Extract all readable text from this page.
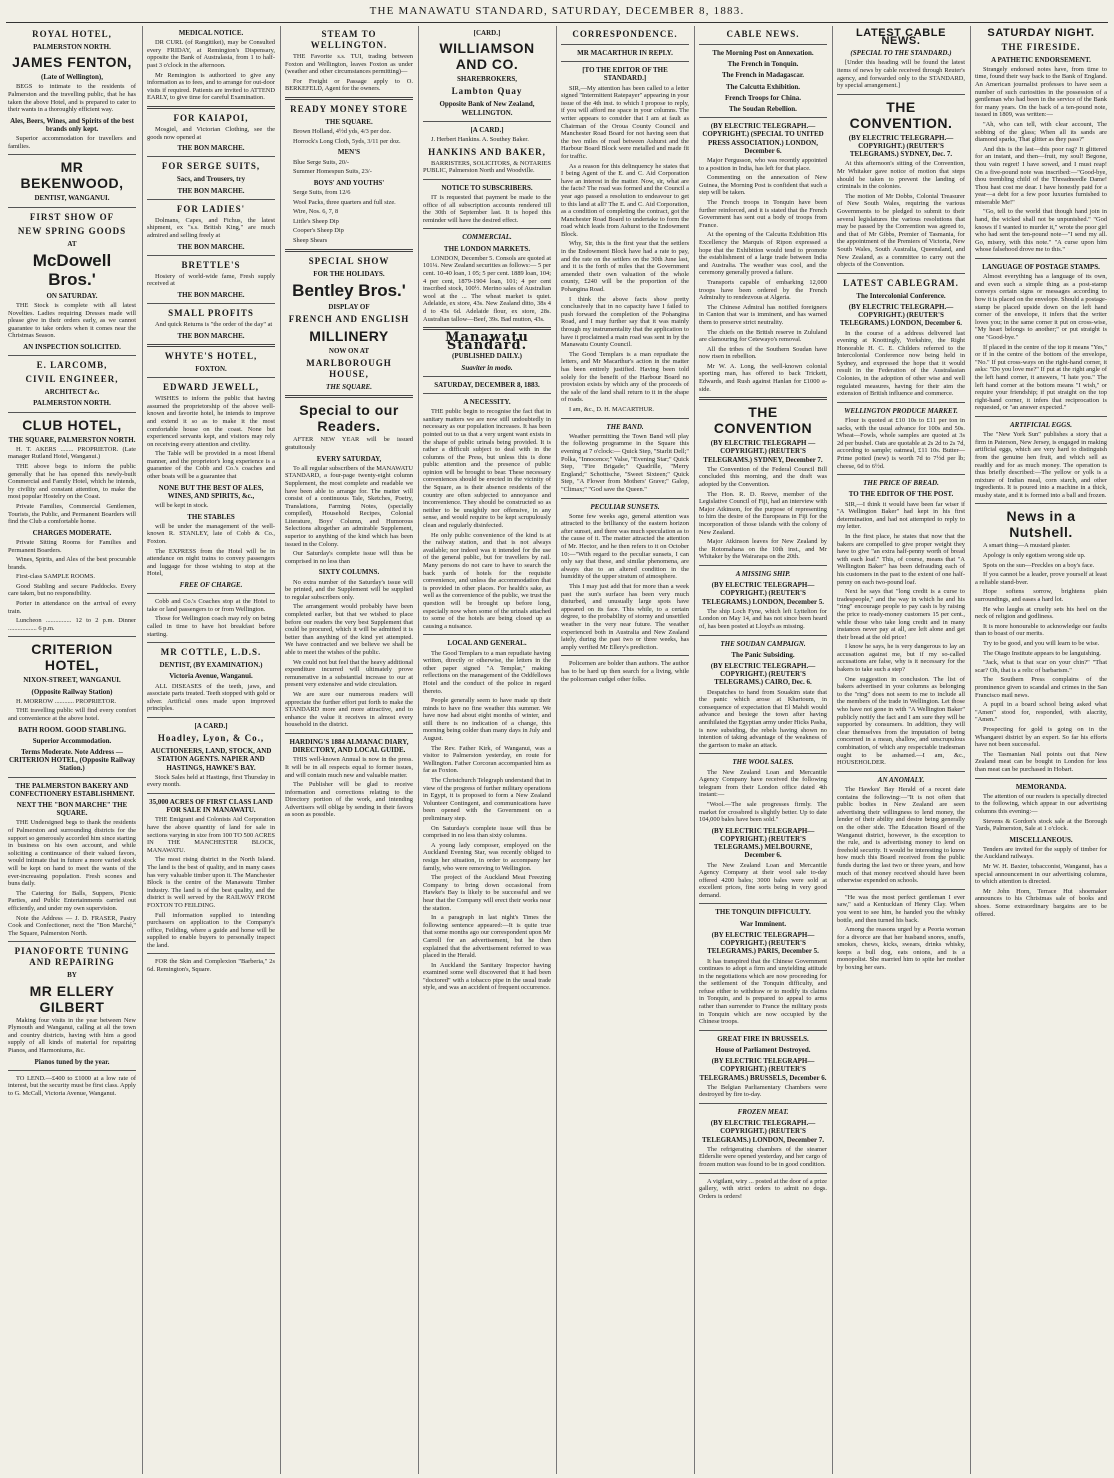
THE MANAWATU STANDARD, SATURDAY, DECEMBER 8, 1883.
ROYAL HOTEL,
PALMERSTON NORTH.
JAMES FENTON,
(Late of Wellington),

BEGS to intimate to the residents of Palmerston and the travelling public, that he has taken the above Hotel, and is prepared to cater to their wants in a thoroughly efficient way.

Ales, Beers, Wines, and Spirits of the best brands only kept.

Superior accommodation for travellers and families.

MR BEKENWOOD,
DENTIST, WANGANUI.
FIRST SHOW OF
NEW SPRING GOODS
AT
McDowell Bros.'
ON SATURDAY.

THE Stock is complete with all latest Novelties. Ladies requiring Dresses made will please give in their orders early, as we cannot guarantee to take orders when it comes near the Christmas Season.

AN INSPECTION SOLICITED.
E. LARCOMB,
CIVIL ENGINEER,
ARCHITECT &c.
PALMERSTON NORTH.
CLUB HOTEL,
THE SQUARE, PALMERSTON NORTH.

H. T. AKERS ........ PROPRIETOR. (Late manager Rutland Hotel, Wanganui.)

THE above begs to inform the public generally that he has opened this newly-built Commercial and Family Hotel, which he intends, by civility and constant attention, to make the most popular Hostelry on the Coast.

Private Families, Commercial Gentlemen, Tourists, the Public, and Permanent Boarders will find the Club a comfortable home.

CHARGES MODERATE.

Private Sitting Rooms for Families and Permanent Boarders.

Wines, Spirits, and Ales of the best procurable brands.

First-class SAMPLE ROOMS.

Good Stabling and secure Paddocks. Every care taken, but no responsibility.

Porter in attendance on the arrival of every train.

Luncheon ................ 12 to 2 p.m. Dinner .................. 6 p.m.

CRITERION HOTEL,
NIXON-STREET, WANGANUI.
(Opposite Railway Station)

H. MORROW ............ PROPRIETOR.

THE travelling public will find every comfort and convenience at the above hotel.

BATH ROOM. GOOD STABLING.
Superior Accommodation.
Terms Moderate. Note Address — CRITERION HOTEL, (Opposite Railway Station.)
THE PALMERSTON BAKERY AND CONFECTIONERY ESTABLISHMENT.
NEXT THE "BON MARCHE" THE SQUARE.

THE Undersigned begs to thank the residents of Palmerston and surrounding districts for the support so generously accorded him since starting in business on his own account, and while soliciting a continuance of their valued favors, would intimate that in future a more varied stock will be kept on hand to meet the wants of the ever-increasing population. Fresh scones and buns daily.

The Catering for Balls, Suppers, Picnic Parties, and Public Entertainments carried out efficiently, and under my own supervision.

Note the Address — J. D. FRASER, Pastry Cook and Confectioner, next the "Bon Marché," The Square, Palmerston North.

PIANOFORTE TUNING AND REPAIRING
BY
MR ELLERY GILBERT

Making four visits in the year between New Plymouth and Wanganui, calling at all the town and country districts, having with him a good supply of all kinds of material for repairing Pianos, and Harmoniums, &c.

Pianos tuned by the year.

TO LEND.—£400 to £1000 at a low rate of interest, but the security must be first class. Apply to G. McCall, Victoria Avenue, Wanganui.

MEDICAL NOTICE.

DR CURL (of Rangitikei), may be Consulted every FRIDAY, at Remington's Dispensary, opposite the Bank of Australasia, from 1 to half-past 3 o'clock in the afternoon.

Mr Remington is authorized to give any information as to fees, and to arrange for out-door visits if required. Patients are invited to ATTEND EARLY, to give time for careful Examination.

FOR KAIAPOI,

Mosgiel, and Victorian Clothing, see the goods now opened at

THE BON MARCHE.
FOR SERGE SUITS,
Sacs, and Trousers, try
THE BON MARCHE.
FOR LADIES'

Dolmans, Capes, and Fichus, the latest shipment, ex "s.s. British King," are much admired and selling freely at

THE BON MARCHE.
BRETTLE'S

Hosiery of world-wide fame, Fresh supply received at

THE BON MARCHE.
SMALL PROFITS

And quick Returns is "the order of the day" at

THE BON MARCHE.
WHYTE'S HOTEL,
FOXTON.
EDWARD JEWELL,

WISHES to inform the public that having assumed the proprietorship of the above well-known and favorite hotel, he intends to improve and extend it so as to make it the most comfortable house on the coast. None but experienced servants kept, and visitors may rely on receiving every attention and civility.

The Table will be provided in a most liberal manner, and the proprietor's long experience is a guarantee of the Cobb and Co.'s coaches and other boats will be a guarantee that

NONE BUT THE BEST OF ALES, WINES, AND SPIRITS, &c.,

will be kept in stock.

THE STABLES

will be under the management of the well-known R. STANLEY, late of Cobb & Co., Foxton.

The EXPRESS from the Hotel will be in attendance on night trains to convey passengers and luggage for those wishing to stop at the Hotel,

FREE OF CHARGE.

Cobb and Co.'s Coaches stop at the Hotel to take or land passengers to or from Wellington.

Those for Wellington coach may rely on being called in time to have hot breakfast before starting.

MR COTTLE, L.D.S.
DENTIST, (BY EXAMINATION.)
Victoria Avenue, Wanganui.

ALL DISEASES of the teeth, jaws, and associate parts treated. Teeth stopped with gold or silver. Artificial ones made upon improved principles.

[A CARD.]
Hoadley, Lyon, & Co.,
AUCTIONEERS, LAND, STOCK, AND STATION AGENTS. NAPIER AND HASTINGS, HAWKE'S BAY.

Stock Sales held at Hastings, first Thursday in every month.

35,000 ACRES OF FIRST CLASS LAND FOR SALE IN MANAWATU.

THE Emigrant and Colonists Aid Corporation have the above quantity of land for sale in sections varying in size from 100 TO 500 ACRES IN THE MANCHESTER BLOCK, MANAWATU.

The most rising district in the North Island. The land is the best of quality, and in many cases has very valuable timber upon it. The Manchester Block is the centre of the Manawatu Timber industry. The land is of the best quality, and the district is well served by the RAILWAY FROM FOXTON TO FEILDING.

Full information supplied to intending purchasers on application to the Company's office, Feilding, where a guide and horse will be supplied to enable buyers to personally inspect the land.

FOR the Skin and Complexion "Barberia," 2s 6d. Remington's, Square.

STEAM TO WELLINGTON.

THE Favorite s.s. TUI, trading between Foxton and Wellington, leaves Foxton as under (weather and other circumstances permitting)—

For Freight or Passage apply to O. BERKEFELD, Agent for the owners.

READY MONEY STORE
THE SQUARE.

Brown Holland, 4½d yds, 4/3 per doz.

Horrock's Long Cloth, 5yds, 3/11 per doz.

MEN'S

Blue Serge Suits, 20/-

Summer Homespun Suits, 23/-

BOYS' AND YOUTHS'

Serge Suits, from 12/6

Wool Packs, three quarters and full size.

Wire, Nos. 6, 7, 8

Little's Sheep Dip

Cooper's Sheep Dip

Sheep Shears

SPECIAL SHOW
FOR THE HOLIDAYS.
Bentley Bros.'
DISPLAY OF
FRENCH AND ENGLISH
MILLINERY
NOW ON AT
MARLBOROUGH HOUSE,
THE SQUARE.
Special to our Readers.

AFTER NEW YEAR will be issued gratuitously

EVERY SATURDAY,

To all regular subscribers of the MANAWATU STANDARD, a four-page twenty-eight column Supplement, the most complete and readable we have been able to arrange for. The matter will consist of a continuous Tale, Sketches, Poetry, Translations, Farming Notes, (specially compiled), Household Recipes, Colonial Literature, Boys' Column, and Humorous Selections altogether an admirable Supplement, superior to anything of the kind which has been issued in the Colony.

Our Saturday's complete issue will thus be comprised in no less than

SIXTY COLUMNS.

No extra number of the Saturday's issue will be printed, and the Supplement will be supplied to regular subscribers only.

The arrangement would probably have been completed earlier, but that we wished to place before our readers the very best Supplement that could be procured, which it will be admitted it is better than anything of the kind yet attempted. We have contracted and we believe we shall be able to meet the wishes of the public.

We could not but feel that the heavy additional expenditure incurred will ultimately prove remunerative in a substantial increase to our at present very extensive and wide circulation.

We are sure our numerous readers will appreciate the further effort put forth to make the STANDARD more and more attractive, and to enhance the value it receives in almost every household in the district.

HARDING'S 1884 ALMANAC DIARY, DIRECTORY, AND LOCAL GUIDE.

THIS well-known Annual is now in the press. It will be in all respects equal to former issues, and will contain much new and valuable matter.

The Publisher will be glad to receive information and corrections relating to the Directory portion of the work, and intending Advertisers will oblige by sending in their favors as soon as possible.

[CARD.]
WILLIAMSON AND CO.
SHAREBROKERS,
Lambton Quay
Opposite Bank of New Zealand, WELLINGTON.
[A CARD.]

J. Herbert Hankins. A. Southey Baker.

HANKINS AND BAKER,

BARRISTERS, SOLICITORS, & NOTARIES PUBLIC, Palmerston North and Woodville.

NOTICE TO SUBSCRIBERS.

IT is requested that payment be made to the office of all subscription accounts rendered till the 30th of September last. It is hoped this reminder will have the desired effect.

COMMERCIAL.
THE LONDON MARKETS.

LONDON, December 5. Consols are quoted at 101¼. New Zealand securities as follows:— 5 per cent. 10-40 loan, 1 05; 5 per cent. 1889 loan, 104; 4 per cent, 1879-1904 loan, 101; 4 per cent inscribed stock, 100½. Merino sales of Australian wool at the ... The wheat market is quiet. Adelaide, ex store, 43s. New Zealand ditto, 38s 4 d to 43s 6d. Adelaide flour, ex store, 28s. Australian tallow—Beef, 39s. Bad mutton, 43s.

Manawatu Standard.
(PUBLISHED DAILY.)
Suaviter in modo.
SATURDAY, DECEMBER 8, 1883.
A NECESSITY.

THE public begin to recognise the fact that in sanitary matters we are now still undoubtedly in necessary as our population increases. It has been pointed out to us that a very urgent want exists in the shape of public urinals being provided. It is rather a difficult subject to deal with in the columns of the Press, but unless this is done public attention and the presence of public opinion will be brought to bear. These necessary conveniences should be erected in the vicinity of the Square, as is their absence residents of the country are often subjected to annoyance and inconvenience. They should be constructed so as neither to be unsightly nor offensive, in any sense, and would require to be kept scrupulously clean and regularly disinfected.

He only public convenience of the kind is at the railway station, and that is not always available; nor indeed was it intended for the use of the general public, but for travellers by rail. Many persons do not care to have to search the back yards of hotels for the requisite convenience, and unless the accommodation that is provided in other places. For health's sake, as well as the convenience of the public, we trust the question will be brought up before long, especially now when some of the urinals attached to some of the hotels are being closed up as causing a nuisance.

LOCAL AND GENERAL.

The Good Templars to a man repudiate having written, directly or otherwise, the letters in the other paper signed "A Templar," making reflections on the management of the Oddfellows Hotel and the conduct of the police in regard thereto.

People generally seem to have made up their minds to have no fine weather this summer. We have now had about eight months of winter, and still there is no indication of a change, this morning being colder than many days in July and August.

The Rev. Father Kirk, of Wanganui, was a visitor to Palmerston yesterday, en route for Wellington. Father Corcoran accompanied him as far as Foxton.

The Christchurch Telegraph understand that in view of the progress of further military operations in Egypt, it is proposed to form a New Zealand Volunteer Contingent, and communications have been opened with the Government on a preliminary step.

On Saturday's complete issue will thus be comprised in no less than sixty columns.

A young lady composer, employed on the Auckland Evening Star, was recently obliged to resign her situation, in order to accompany her family, who were removing to Wellington.

The project of the Auckland Meat Freezing Company to bring down occasional from Hawke's Bay is likely to be successful and we hear that the Company will erect their works near the station.

In a paragraph in last night's Times the following sentence appeared:—It is quite true that some months ago our correspondent upon Mr Carroll for an advertisement, but he then explained that the advertisement referred to was placed in the Herald.

In Auckland the Sanitary Inspector having examined some well discovered that it had been "doctored" with a tobacco pipe in the usual trade style, and was an accident of frequent occurrence.

CORRESPONDENCE.
MR MACARTHUR IN REPLY.
[TO THE EDITOR OF THE STANDARD.]

SIR,—My attention has been called to a letter signed "Intermittent Ratepayer" appearing in your issue of the 4th inst. to which I propose to reply, if you will afford me space in your columns. The writer appears to consider that I am at fault as Chairman of the Oroua County Council and Manchester Road Board for not having seen that the two miles of road between Ashurst and the Harbour Board Block were metalled and made fit for traffic.

As a reason for this delinquency he states that I being Agent of the E. and C. Aid Corporation have an interest in the matter. Now, sir, what are the facts? The road was formed and the Council a year ago passed a resolution to endeavour to get to this land at all? The E. and C. Aid Corporation, as a condition of completing the contract, got the Manchester Road Board to undertake to form the road which leads from Ashurst to the Endowment Block.

Why, Sir, this is the first year that the settlers in the Endowment Block have had a rate to pay, and the rate on the settlers on the 30th June last, and it is the forth of miles that the Government amended their own valuation of the whole county, £240 will be the proportion of the Pohangina Road.

I think the above facts show pretty conclusively that in no capacity have I failed to push forward the completion of the Pohangina Road, and I may further say that it was mainly through my instrumentality that the application to have it proclaimed a main road was sent in by the Manawatu County Council.

The Good Templars is a man repudiate the letters, and Mr Macarthur's action in the matter has been entirely justified. Having been told solely for the benefit of the Harbour Board no provision exists by which any of the proceeds of the sale of the land shall return to it in the shape of roads.

I am, &c., D. H. MACARTHUR.

THE BAND.

Weather permitting the Town Band will play the following programme in the Square this evening at 7 o'clock:— Quick Step, "Starlit Dell;" Polka, "Innocence;" Valse, "Evening Star;" Quick Step, "Fire Brigade;" Quadrille, "Merry England;" Schottische, "Sweet Sixteen;" Quick Step, "A Flower from Mothers' Grave;" Galop, "Climax;" "God save the Queen."

PECULIAR SUNSETS.

Some few weeks ago, general attention was attracted to the brilliancy of the eastern horizon after sunset, and there was much speculation as to the cause of it. The matter attracted the attention of Mr. Hector, and he then refers to it on October 10:—"With regard to the peculiar sunsets, I can only say that these, and similar phenomena, are always due to an altered condition in the humidity of the upper stratum of atmosphere.

This I may just add that for more than a week past the sun's surface has been very much disturbed, and unusually large spots have appeared on its face. This while, to a certain degree, to the probability of stormy and unsettled weather in the very near future. The weather experienced both in Australia and New Zealand lately, during the past two or three weeks, has amply verified Mr Ellery's prediction.

Policemen are bolder than authors. The author has to be hard up then search for a living, while the policeman cudgel other folks.

CABLE NEWS.
The Morning Post on Annexation.
The French in Tonquin.
The French in Madagascar.
The Calcutta Exhibition.
French Troops for China.
The Soudan Rebellion.
(BY ELECTRIC TELEGRAPH.—COPYRIGHT.) (SPECIAL TO UNITED PRESS ASSOCIATION.) LONDON, December 6.

Major Fergusson, who was recently appointed to a position in India, has left for that place.

Commenting on the annexation of New Guinea, the Morning Post is confident that such a step will be taken.

The French troops in Tonquin have been further reinforced, and it is stated that the French Government has sent out a body of troops from France.

At the opening of the Calcutta Exhibition His Excellency the Marquis of Ripon expressed a hope that the Exhibition would tend to promote the establishment of a large trade between India and Australia. The weather was cool, and the ceremony generally proved a failure.

Transports capable of embarking 12,000 troops have been ordered by the French Admiralty to rendezvous at Algeria.

The Chinese Admiral has notified foreigners in Canton that war is imminent, and has warned them to preserve strict neutrality.

The chiefs on the British reserve in Zululand are clamouring for Cetewayo's removal.

All the tribes of the Southern Soudan have now risen in rebellion.

Mr W. A. Long, the well-known colonial sporting man, has offered to back Trickett, Edwards, and Rush against Hanlan for £1000 a-side.

THE CONVENTION
(BY ELECTRIC TELEGRAPH — COPYRIGHT.) (REUTER'S TELEGRAMS.) SYDNEY, December 7.

The Convention of the Federal Council Bill concluded this morning, and the draft was adopted by the Convention.

The Hon. R. D. Reeve, member of the Legislative Council of Fiji, had an interview with Major Atkinson, for the purpose of representing to him the desire of the Europeans in Fiji for the incorporation of those islands with the colony of New Zealand.

Major Atkinson leaves for New Zealand by the Rotomahana on the 10th inst., and Mr Whitaker by the Wairarapa on the 20th.

A MISSING SHIP.
(BY ELECTRIC TELEGRAPH—COPYRIGHT.) (REUTER'S TELEGRAMS.) LONDON, December 5.

The ship Loch Fyne, which left Lyttelton for London on May 14, and has not since been heard of, has been posted at Lloyd's as missing.

THE SOUDAN CAMPAIGN.
The Panic Subsiding.
(BY ELECTRIC TELEGRAPH.—COPYRIGHT.) (REUTER'S TELEGRAMS.) CAIRO, Dec. 6.

Despatches to hand from Souakim state that the panic which arose at Khartoum, in consequence of expectation that El Mahdi would advance and besiege the town after having annihilated the Egyptian army under Hicks Pasha, is now subsiding, the rebels having shown no intention of taking advantage of the weakness of the garrison to make an attack.

THE WOOL SALES.

The New Zealand Loan and Mercantile Agency Company have received the following telegram from their London office dated 4th instant:—

"Wool.—The sale progresses firmly. The market for crossbred is slightly better. Up to date 104,000 bales have been sold."

(BY ELECTRIC TELEGRAPH—COPYRIGHT.) (REUTER'S TELEGRAMS.) MELBOURNE, December 6.

The New Zealand Loan and Mercantile Agency Company at their wool sale to-day offered 4200 bales; 3000 bales were sold at excellent prices, fine sorts being in very good demand.

THE TONQUIN DIFFICULTY.
War Imminent.
(BY ELECTRIC TELEGRAPH—COPYRIGHT.) (REUTER'S TELEGRAMS.) PARIS, December 5.

It has transpired that the Chinese Government continues to adopt a firm and unyielding attitude in the negotiations which are now proceeding for the settlement of the Tonquin difficulty, and refuse either to withdraw or to modify its claims in Tonquin, and is prepared to appeal to arms rather than surrender to France the military posts in Tonquin which are now occupied by the Chinese troops.

GREAT FIRE IN BRUSSELS.
House of Parliament Destroyed.
(BY ELECTRIC TELEGRAPH—COPYRIGHT.) (REUTER'S TELEGRAMS.) BRUSSELS, December 6.

The Belgian Parliamentary Chambers were destroyed by fire to-day.

FROZEN MEAT.
(BY ELECTRIC TELEGRAPH.—COPYRIGHT.) (REUTER'S TELEGRAMS.) LONDON, December 7.

The refrigerating chambers of the steamer Elderslie were opened yesterday, and her cargo of frozen mutton was found to be in good condition.

A vigilant, wiry ... posted at the door of a prize gallery, with strict orders to admit no dogs. Orders is orders!

LATEST CABLE NEWS.
(SPECIAL TO THE STANDARD.)

[Under this heading will be found the latest items of news by cable received through Reuter's agency, and forwarded only to the STANDARD, by special arrangement.]

THE CONVENTION.
(BY ELECTRIC TELEGRAPH.—COPYRIGHT.) (REUTER'S TELEGRAMS.) SYDNEY, Dec. 7.

At this afternoon's sitting of the Convention, Mr Whitaker gave notice of motion that steps should be taken to prevent the landing of criminals in the colonies.

The motion of Mr Dobbs, Colonial Treasurer of New South Wales, requiring the various Governments to be pledged to submit to their several legislatures the various resolutions that may be passed by the Convention was agreed to, and that of Mr Gibbs, Premier of Tasmania, for the appointment of the Premiers of Victoria, New South Wales, South Australia, Queensland, and New Zealand, as a committee to carry out the objects of the Convention.

LATEST CABLEGRAM.
The Intercolonial Conference.
(BY ELECTRIC TELEGRAPH.—COPYRIGHT.) (REUTER'S TELEGRAMS.) LONDON, December 6.

In the course of a address delivered last evening at Knottingly, Yorkshire, the Right Honorable H. C. E. Childers referred to the Intercolonial Conference now being held in Sydney, and expressed the hope that it would result in the Federation of the Australasian Colonies, in the adoption of other wise and well regulated measures, having for their aim the extension of British influence and commerce.

WELLINGTON PRODUCE MARKET.

Flour is quoted at £10 10s to £11 per ton in sacks, with the usual advance for 100s and 50s. Wheat—Fowls, whole samples are quoted at 3s 2d per bushel. Oats are quotable at 2s 2d to 2s 7d, according to sample; oatmeal, £11 10s. Butter—Prime potted (new) is worth 7d to 7½d per lb; cheese, 6d to 6½d.

THE PRICE OF BREAD.
TO THE EDITOR OF THE POST.

SIR,—I think it would have been far wiser if "A Wellington Baker" had kept in his first determination, and had not attempted to reply to my letter.

In the first place, he states that now that the bakers are compelled to give proper weight they have to give "an extra half-penny worth of bread with each loaf." This, of course, means that "A Wellington Baker" has been defrauding each of his customers in the past to the extent of one half-penny on each two-pound loaf.

Next he says that "long credit is a curse to tradespeople," and the way in which he and his "ring" encourage people to pay cash is by raising the price to ready-money customers 15 per cent., while those who take long credit and in many instances never pay at all, are left alone and get their bread at the old price!

I know he says, he is very dangerous to lay an accusation against me, but if my so-called accusations are false, why is it necessary for the bakers to take such a step?

One suggestion in conclusion. The list of bakers advertised in your columns as belonging to the "ring" does not seem to me to include all the members of the trade in Wellington. Let those who have not gone in with "A Wellington Baker" publicly notify the fact and I am sure they will be supported by consumers. In addition, they will clear themselves from the imputation of being concerned in a mean, shallow, and unscrupulous combination, of which any respectable tradesman ought to be ashamed.—I am, &c., HOUSEHOLDER.

AN ANOMALY.

The Hawkes' Bay Herald of a recent date contains the following:—"It is not often that public bodies in New Zealand are seen advertising their willingness to lend money, the lender of their ability and desire being generally on the other side. The Education Board of the Wanganui district, however, is the exception to the rule, and is advertising money to lend on freehold security. It would be interesting to know how much this Board received from the public funds during the last two or three years, and how much of that money received should have been otherwise expended on schools.

"He was the most perfect gentleman I ever saw," said a Kentuckian of Henry Clay. When you went to see him, he handed you the whisky bottle, and then turned his back.

Among the reasons urged by a Peoria woman for a divorce are that her husband snores, snuffs, smokes, chews, kicks, swears, drinks whisky, keeps a bull dog, eats onions, and is a monopolist. She married him to spite her mother by boxing her ears.

SATURDAY NIGHT.
THE FIRESIDE.
A PATHETIC ENDORSEMENT.

Strangely endorsed notes have, from time to time, found their way back to the Bank of England. An American journalist professes to have seen a number of such curiosities in the possession of a gentleman who had been in the service of the Bank for many years. On the back of a ten-pound note, issued in 1809, was written:—

"Ah, who can tell, with clear account, The sobbing of the glass; When all its sands are diamond sparks, That glitter as they pass?"

And this is the last—this poor rag? It glittered for an instant, and then—fruit, my soul! Begone, thou vain regret! I have sowed, and I must reap! On a five-pound note was inscribed:—"Good-bye, thou trembling child of the Threadneedle Dame! Thou hast cost me dear. I have honestly paid for a year—a debt for a few poor luxuries furnished to miserable Me!"

"Go, tell to the world that though hand join in hand, the wicked shall not be unpunished." "God knows if I wanted to murder it," wrote the poor girl who had sent the ten-pound note—"I send my all. Go, misery, with this note." "A curse upon him whose falsehood drove me to this."

LANGUAGE OF POSTAGE STAMPS.

Almost everything has a language of its own, and even such a simple thing as a post-stamp conveys certain signs or messages according to how it is placed on the envelope. Should a postage-stamp be placed upside down on the left hand corner of the envelope, it infers that the writer loves you; in the same corner it put on cross-wise, "My heart belongs to another;" or put straight is one "Good-bye."

If placed in the centre of the top it means "Yes," or if in the centre of the bottom of the envelope, "No." If put cross-ways on the right-hand corner, it asks: "Do you love me?" If put at the right angle of the left hand corner, it answers, "I hate you." The left hand corner at the bottom means "I wish," or require your friendship; if put straight on the top right-hand corner, it infers that reciprocation is requested, or "an answer expected."

ARTIFICIAL EGGS.

The "New York Sun" publishes a story that a firm in Paterson, New Jersey, is engaged in making artificial eggs, which are very hard to distinguish from the genuine hen fruit, and which sell as readily and for as much money. The operation is thus briefly described:—The yellow or yolk is a mixture of Indian meal, corn starch, and other ingredients. It is poured into a machine in a thick, mushy state, and it is formed into a ball and frozen.

News in a Nutshell.

A smart thing—A mustard plaster.

Apology is only egotism wrong side up.

Spots on the sun—Freckles on a boy's face.

If you cannot be a leader, prove yourself at least a reliable stand-bver.

Hope softens sorrow, brightens plain surroundings, and eases a hard lot.

He who laughs at cruelty sets his heel on the neck of religion and godliness.

It is more honourable to acknowledge our faults than to boast of our merits.

Try to be good, and you will learn to be wise.

The Otago Institute appears to be languishing.

"Jack, what is that scar on your chin?" "That scar? Oh, that is a relic of barbarism."

The Southern Press complains of the prominence given to scandal and crimes in the San Francisco mail news.

A pupil in a board school being asked what "Amen" stood for, responded, with alacrity, "Amen."

Prospecting for gold is going on in the Whangarei district by an expert. So far his efforts have not been successful.

The Tasmanian Nail points out that New Zealand meat can be bought in London for less than meat can be purchased in Hobart.

MEMORANDA.

The attention of our readers is specially directed to the following, which appear in our advertising columns this evening:—

Stevens & Gordon's stock sale at the Borough Yards, Palmerston, Sale at 1 o'clock.

MISCELLANEOUS.

Tenders are invited for the supply of timber for the Auckland railways.

Mr W. H. Baxter, tobacconist, Wanganui, has a special announcement in our advertising columns, to which attention is directed.

Mr John Horn, Terrace Hut shoemaker announces to his Christmas sale of books and shoes. Some extraordinary bargains are to be offered.
